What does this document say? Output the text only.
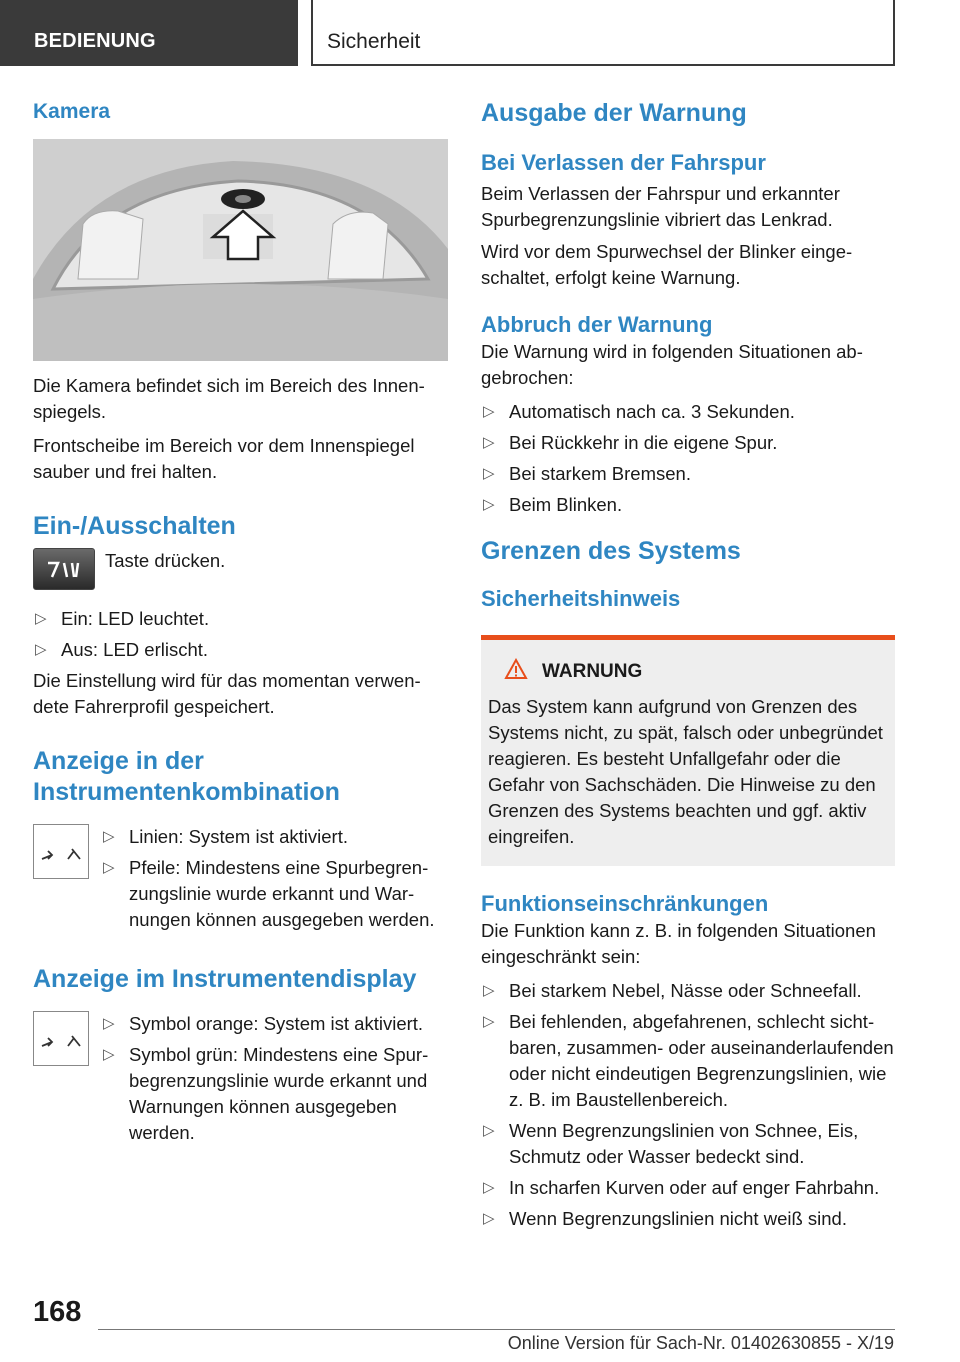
BEDIENUNG	Sicherheit
Kamera

Die Kamera befindet sich im Bereich des Innenspiegels.

Frontscheibe im Bereich vor dem Innenspiegel sauber und frei halten.

Ein-/Ausschalten

Taste drücken.

▷ Ein: LED leuchtet.
▷ Aus: LED erlischt.

Die Einstellung wird für das momentan verwendete Fahrerprofil gespeichert.

Anzeige in der Instrumentenkombination
▷ Linien: System ist aktiviert.
▷ Pfeile: Mindestens eine Spurbegrenzungslinie wurde erkannt und Warnungen können ausgegeben werden.
Anzeige im Instrumentendisplay
▷ Symbol orange: System ist aktiviert.
▷ Symbol grün: Mindestens eine Spurbegrenzungslinie wurde erkannt und Warnungen können ausgegeben werden.
Ausgabe der Warnung
Bei Verlassen der Fahrspur

Beim Verlassen der Fahrspur und erkannter Spurbegrenzungslinie vibriert das Lenkrad.

Wird vor dem Spurwechsel der Blinker eingeschaltet, erfolgt keine Warnung.

Abbruch der Warnung

Die Warnung wird in folgenden Situationen abgebrochen:

▷ Automatisch nach ca. 3 Sekunden.
▷ Bei Rückkehr in die eigene Spur.
▷ Bei starkem Bremsen.
▷ Beim Blinken.
Grenzen des Systems
Sicherheitshinweis
WARNUNG

Das System kann aufgrund von Grenzen des Systems nicht, zu spät, falsch oder unbegründet reagieren. Es besteht Unfallgefahr oder die Gefahr von Sachschäden. Die Hinweise zu den Grenzen des Systems beachten und ggf. aktiv eingreifen.

Funktionseinschränkungen

Die Funktion kann z. B. in folgenden Situationen eingeschränkt sein:

▷ Bei starkem Nebel, Nässe oder Schneefall.
▷ Bei fehlenden, abgefahrenen, schlecht sichtbaren, zusammen- oder auseinanderlaufenden oder nicht eindeutigen Begrenzungslinien, wie z. B. im Baustellenbereich.
▷ Wenn Begrenzungslinien von Schnee, Eis, Schmutz oder Wasser bedeckt sind.
▷ In scharfen Kurven oder auf enger Fahrbahn.
▷ Wenn Begrenzungslinien nicht weiß sind.
168
Online Version für Sach-Nr. 01402630855 - X/19
